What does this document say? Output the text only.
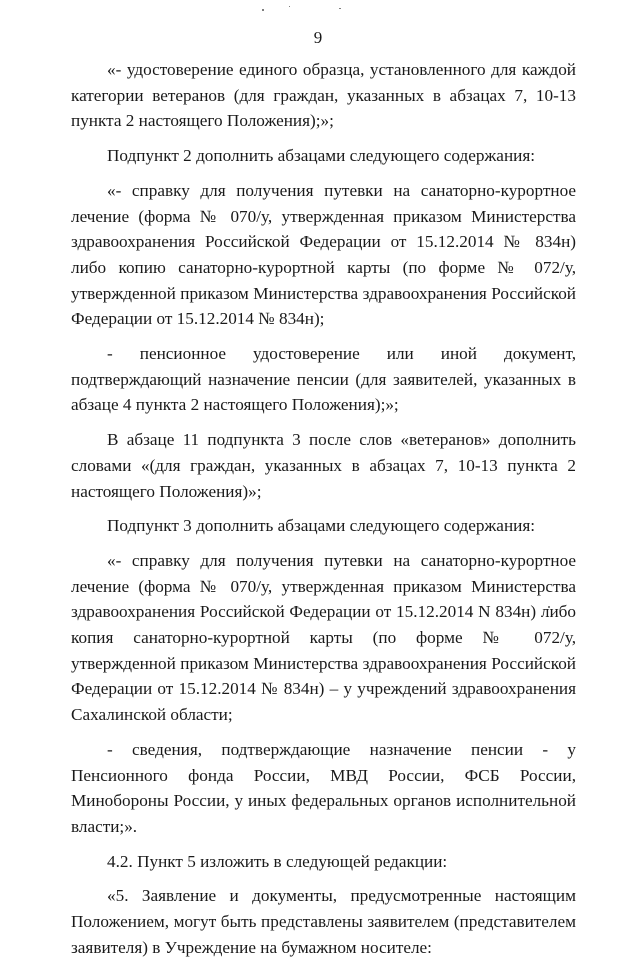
9

«- удостоверение единого образца, установленного для каждой категории ветеранов (для граждан, указанных в абзацах 7, 10-13 пункта 2 настоящего Положения);»;

Подпункт 2 дополнить абзацами следующего содержания:

«- справку для получения путевки на санаторно-курортное лечение (форма № 070/у, утвержденная приказом Министерства здравоохранения Российской Федерации от 15.12.2014 № 834н) либо копию санаторно-курортной карты (по форме № 072/у, утвержденной приказом Министерства здравоохранения Российской Федерации от 15.12.2014 № 834н);

- пенсионное удостоверение или иной документ, подтверждающий назначение пенсии (для заявителей, указанных в абзаце 4 пункта 2 настоящего Положения);»;

В абзаце 11 подпункта 3 после слов «ветеранов» дополнить словами «(для граждан, указанных в абзацах 7, 10-13 пункта 2 настоящего Положения)»;

Подпункт 3 дополнить абзацами следующего содержания:

«- справку для получения путевки на санаторно-курортное лечение (форма № 070/у, утвержденная приказом Министерства здравоохранения Российской Федерации от 15.12.2014 N 834н) либо копия санаторно-курортной карты (по форме № 072/у, утвержденной приказом Министерства здравоохранения Российской Федерации от 15.12.2014 № 834н) – у учреждений здравоохранения Сахалинской области;

- сведения, подтверждающие назначение пенсии - у Пенсионного фонда России, МВД России, ФСБ России, Минобороны России, у иных федеральных органов исполнительной власти;».

4.2. Пункт 5 изложить в следующей редакции:

«5. Заявление и документы, предусмотренные настоящим Положением, могут быть представлены заявителем (представителем заявителя) в Учреждение на бумажном носителе:
